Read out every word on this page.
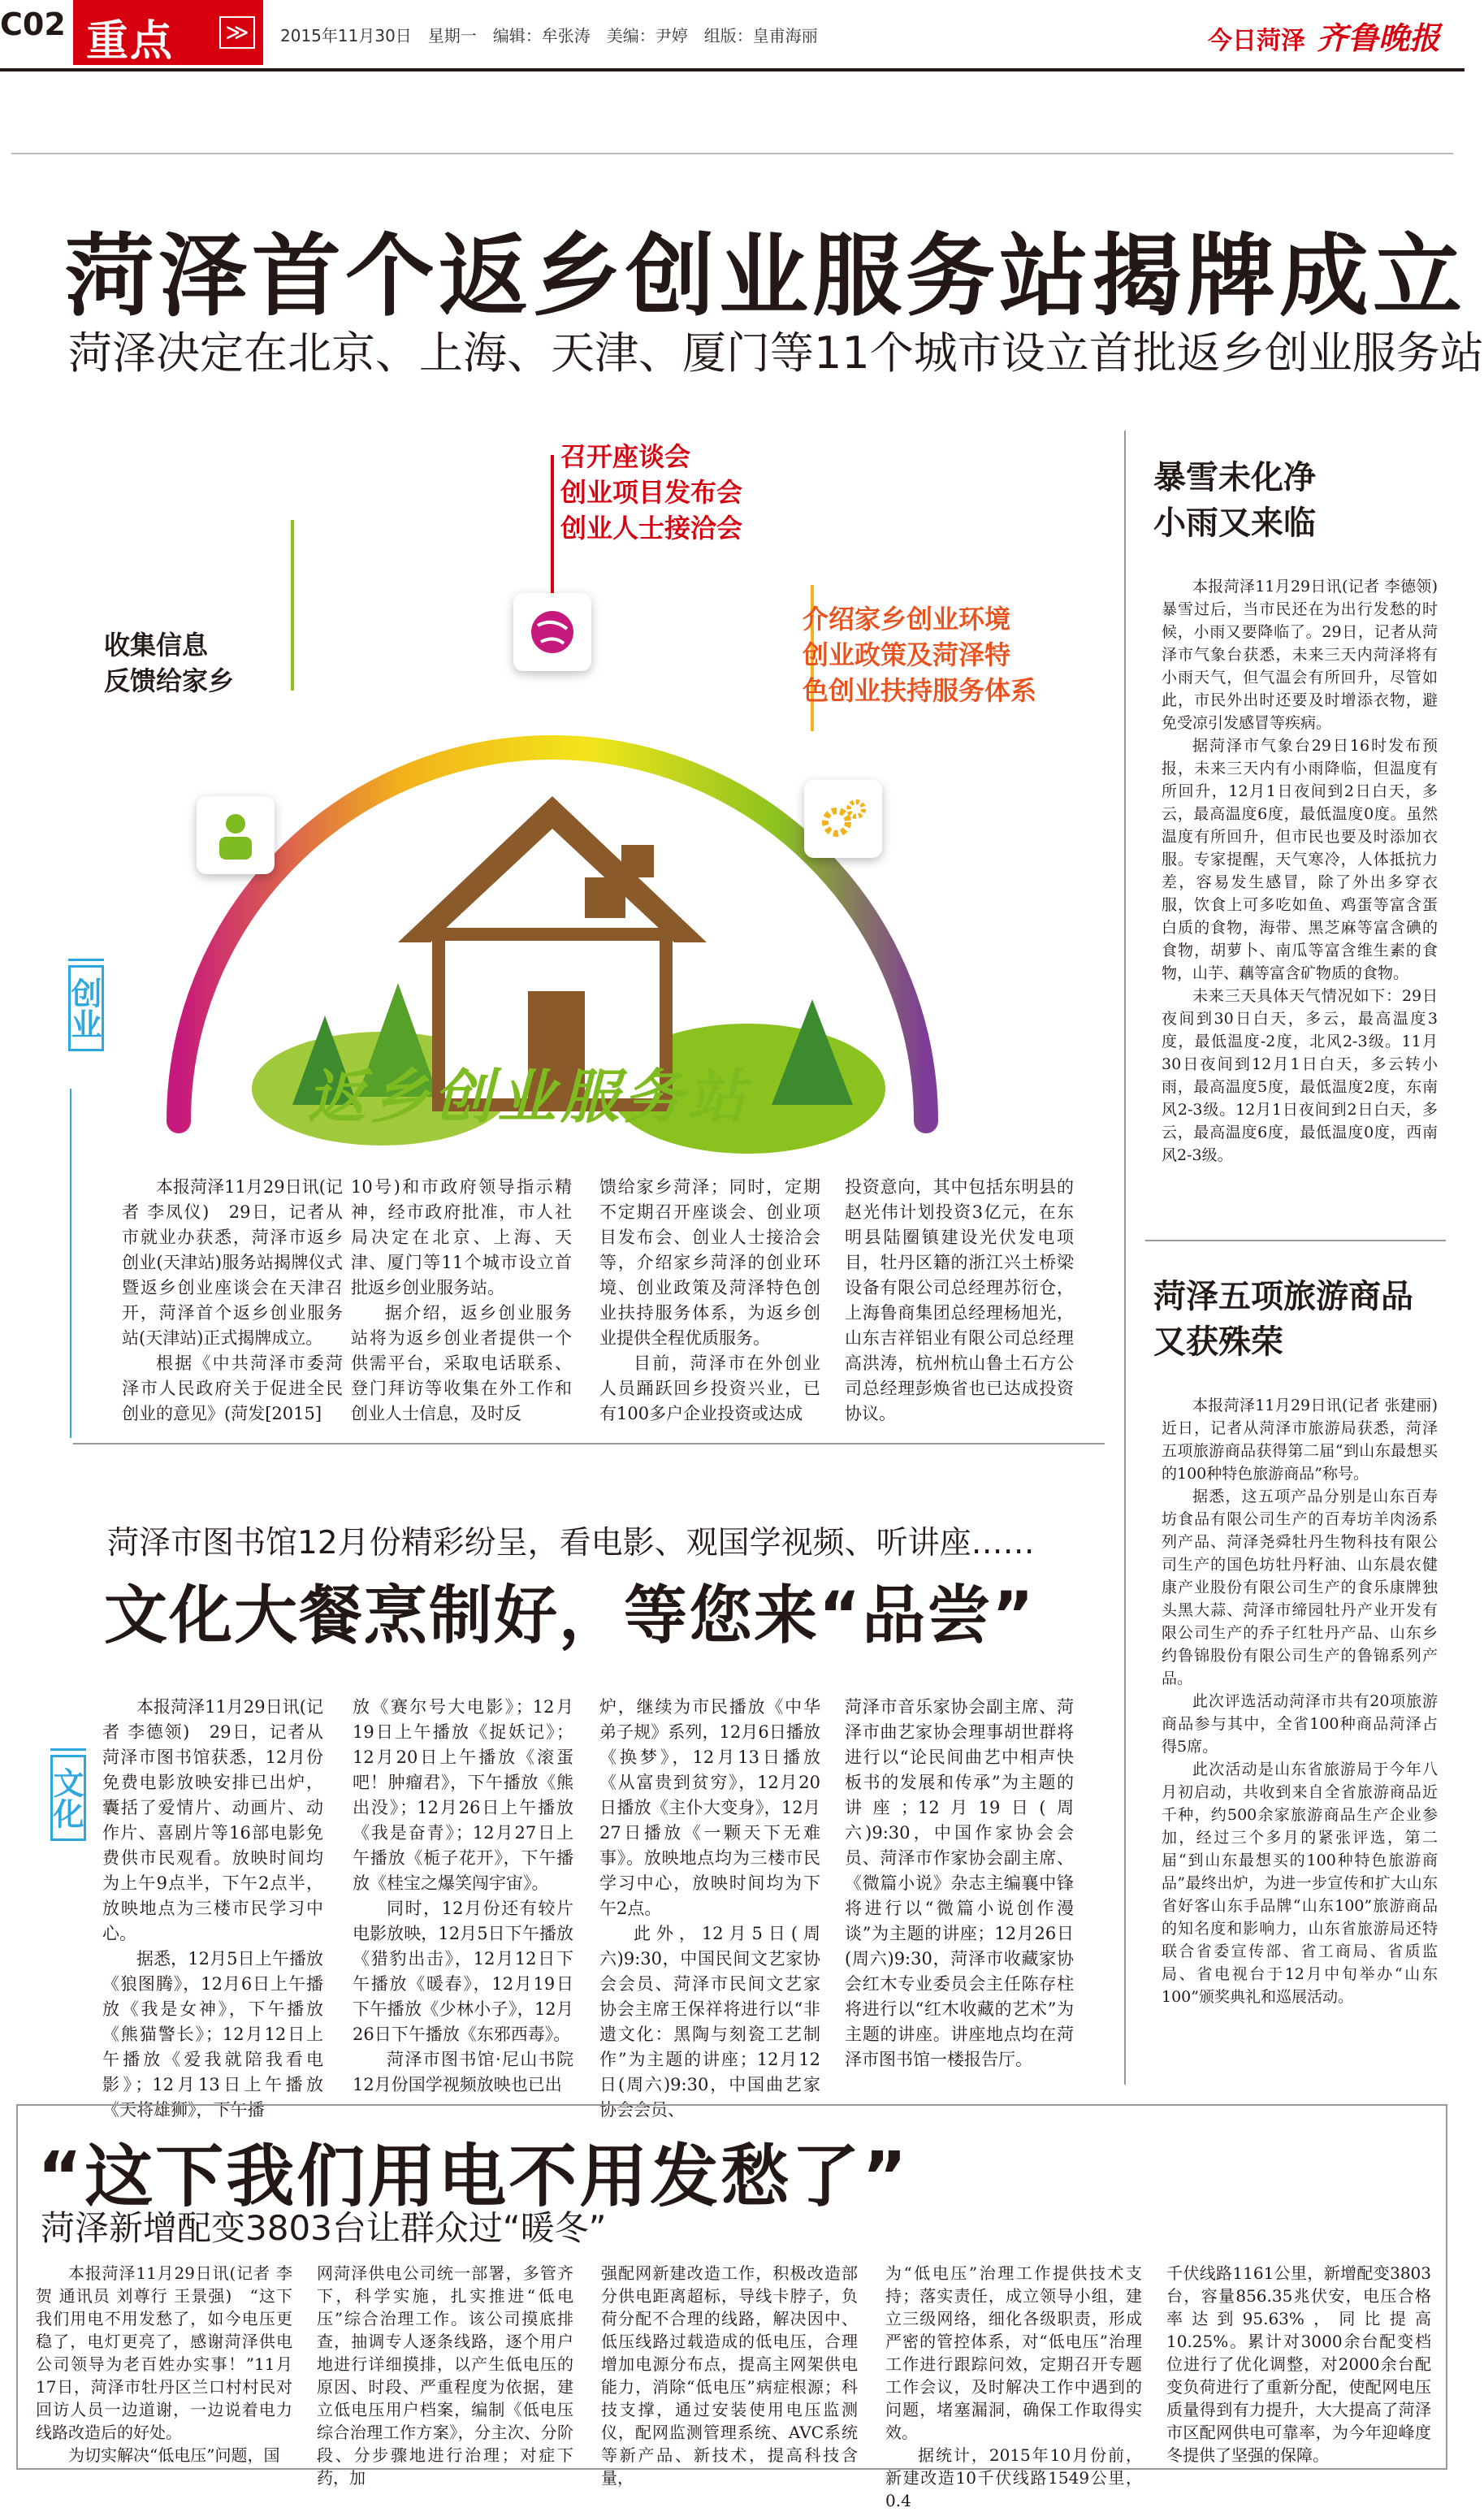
C02 重点 ≫	2015年11月30日　星期一　编辑：牟张涛　美编：尹婷　组版：皇甫海丽	今日菏泽 齐鲁晚报
菏泽首个返乡创业服务站揭牌成立
菏泽决定在北京、上海、天津、厦门等11个城市设立首批返乡创业服务站
创业
收集信息
反馈给家乡
召开座谈会
创业项目发布会
创业人士接洽会
介绍家乡创业环境
创业政策及菏泽特
色创业扶持服务体系
返乡创业服务站

本报菏泽11月29日讯(记者 李凤仪)　29日，记者从市就业办获悉，菏泽市返乡创业(天津站)服务站揭牌仪式暨返乡创业座谈会在天津召开，菏泽首个返乡创业服务站(天津站)正式揭牌成立。

根据《中共菏泽市委菏泽市人民政府关于促进全民创业的意见》(菏发[2015]

10号)和市政府领导指示精神，经市政府批准，市人社局决定在北京、上海、天津、厦门等11个城市设立首批返乡创业服务站。

据介绍，返乡创业服务站将为返乡创业者提供一个供需平台，采取电话联系、登门拜访等收集在外工作和创业人士信息，及时反

馈给家乡菏泽；同时，定期不定期召开座谈会、创业项目发布会、创业人士接洽会等，介绍家乡菏泽的创业环境、创业政策及菏泽特色创业扶持服务体系，为返乡创业提供全程优质服务。

目前，菏泽市在外创业人员踊跃回乡投资兴业，已有100多户企业投资或达成

投资意向，其中包括东明县的赵光伟计划投资3亿元，在东明县陆圈镇建设光伏发电项目，牡丹区籍的浙江兴土桥梁设备有限公司总经理苏衍仓，上海鲁商集团总经理杨旭光，山东吉祥铝业有限公司总经理高洪涛，杭州杭山鲁土石方公司总经理彭焕省也已达成投资协议。

暴雪未化净
小雨又来临

本报菏泽11月29日讯(记者 李德领)　暴雪过后，当市民还在为出行发愁的时候，小雨又要降临了。29日，记者从菏泽市气象台获悉，未来三天内菏泽将有小雨天气，但气温会有所回升，尽管如此，市民外出时还要及时增添衣物，避免受凉引发感冒等疾病。

据菏泽市气象台29日16时发布预报，未来三天内有小雨降临，但温度有所回升，12月1日夜间到2日白天，多云，最高温度6度，最低温度0度。虽然温度有所回升，但市民也要及时添加衣服。专家提醒，天气寒冷，人体抵抗力差，容易发生感冒，除了外出多穿衣服，饮食上可多吃如鱼、鸡蛋等富含蛋白质的食物，海带、黑芝麻等富含碘的食物，胡萝卜、南瓜等富含维生素的食物，山芋、藕等富含矿物质的食物。

未来三天具体天气情况如下：29日夜间到30日白天，多云，最高温度3度，最低温度-2度，北风2-3级。11月30日夜间到12月1日白天，多云转小雨，最高温度5度，最低温度2度，东南风2-3级。12月1日夜间到2日白天，多云，最高温度6度，最低温度0度，西南风2-3级。

菏泽五项旅游商品
又获殊荣

本报菏泽11月29日讯(记者 张建丽)　近日，记者从菏泽市旅游局获悉，菏泽五项旅游商品获得第二届“到山东最想买的100种特色旅游商品”称号。

据悉，这五项产品分别是山东百寿坊食品有限公司生产的百寿坊羊肉汤系列产品、菏泽尧舜牡丹生物科技有限公司生产的国色坊牡丹籽油、山东晨农健康产业股份有限公司生产的食乐康牌独头黑大蒜、菏泽市缔园牡丹产业开发有限公司生产的乔子红牡丹产品、山东乡约鲁锦股份有限公司生产的鲁锦系列产品。

此次评选活动菏泽市共有20项旅游商品参与其中，全省100种商品菏泽占得5席。

此次活动是山东省旅游局于今年八月初启动，共收到来自全省旅游商品近千种，约500余家旅游商品生产企业参加，经过三个多月的紧张评选，第二届“到山东最想买的100种特色旅游商品”最终出炉，为进一步宣传和扩大山东省好客山东手品牌“山东100”旅游商品的知名度和影响力，山东省旅游局还特联合省委宣传部、省工商局、省质监局、省电视台于12月中旬举办“山东100”颁奖典礼和巡展活动。

菏泽市图书馆12月份精彩纷呈，看电影、观国学视频、听讲座……
文化大餐烹制好，等您来“品尝”
文化

本报菏泽11月29日讯(记者 李德领)　29日，记者从菏泽市图书馆获悉，12月份免费电影放映安排已出炉，囊括了爱情片、动画片、动作片、喜剧片等16部电影免费供市民观看。放映时间均为上午9点半，下午2点半，放映地点为三楼市民学习中心。

据悉，12月5日上午播放《狼图腾》，12月6日上午播放《我是女神》，下午播放《熊猫警长》；12月12日上午播放《爱我就陪我看电影》；12月13日上午播放《天将雄狮》，下午播

放《赛尔号大电影》；12月19日上午播放《捉妖记》；12月20日上午播放《滚蛋吧！肿瘤君》，下午播放《熊出没》；12月26日上午播放《我是奋青》；12月27日上午播放《栀子花开》，下午播放《桂宝之爆笑闯宇宙》。

同时，12月份还有较片电影放映，12月5日下午播放《猎豹出击》，12月12日下午播放《暖春》，12月19日下午播放《少林小子》，12月26日下午播放《东邪西毒》。

菏泽市图书馆·尼山书院12月份国学视频放映也已出

炉，继续为市民播放《中华弟子规》系列，12月6日播放《换梦》，12月13日播放《从富贵到贫穷》，12月20日播放《主仆大变身》，12月27日播放《一颗天下无难事》。放映地点均为三楼市民学习中心，放映时间均为下午2点。

此外，12月5日(周六)9:30，中国民间文艺家协会会员、菏泽市民间文艺家协会主席王保祥将进行以“非遗文化：黑陶与刻瓷工艺制作”为主题的讲座；12月12日(周六)9:30，中国曲艺家协会会员、

菏泽市音乐家协会副主席、菏泽市曲艺家协会理事胡世群将进行以“论民间曲艺中相声快板书的发展和传承”为主题的讲座；12月19日(周六)9:30，中国作家协会会员、菏泽市作家协会副主席、《微篇小说》杂志主编襄中锋将进行以“微篇小说创作漫谈”为主题的讲座；12月26日(周六)9:30，菏泽市收藏家协会红木专业委员会主任陈存柱将进行以“红木收藏的艺术”为主题的讲座。讲座地点均在菏泽市图书馆一楼报告厅。

“这下我们用电不用发愁了”
菏泽新增配变3803台让群众过“暖冬”

本报菏泽11月29日讯(记者 李贺 通讯员 刘尊行 王景强)　“这下我们用电不用发愁了，如今电压更稳了，电灯更亮了，感谢菏泽供电公司领导为老百姓办实事！”11月17日，菏泽市牡丹区兰口村村民对回访人员一边道谢，一边说着电力线路改造后的好处。

为切实解决“低电压”问题，国

网菏泽供电公司统一部署，多管齐下，科学实施，扎实推进“低电压”综合治理工作。该公司摸底排查，抽调专人逐条线路，逐个用户地进行详细摸排，以产生低电压的原因、时段、严重程度为依据，建立低电压用户档案，编制《低电压综合治理工作方案》，分主次、分阶段、分步骤地进行治理；对症下药，加

强配网新建改造工作，积极改造部分供电距离超标，导线卡脖子，负荷分配不合理的线路，解决因中、低压线路过载造成的低电压，合理增加电源分布点，提高主网架供电能力，消除“低电压”病症根源；科技支撑，通过安装使用电压监测仪，配网监测管理系统、AVC系统等新产品、新技术，提高科技含量，

为“低电压”治理工作提供技术支持；落实责任，成立领导小组，建立三级网络，细化各级职责，形成严密的管控体系，对“低电压”治理工作进行跟踪问效，定期召开专题工作会议，及时解决工作中遇到的问题，堵塞漏洞，确保工作取得实效。

据统计，2015年10月份前，新建改造10千伏线路1549公里，0.4

千伏线路1161公里，新增配变3803台，容量856.35兆伏安，电压合格率达到95.63%，同比提高10.25%。累计对3000余台配变档位进行了优化调整，对2000余台配变负荷进行了重新分配，使配网电压质量得到有力提升，大大提高了菏泽市区配网供电可靠率，为今年迎峰度冬提供了坚强的保障。
